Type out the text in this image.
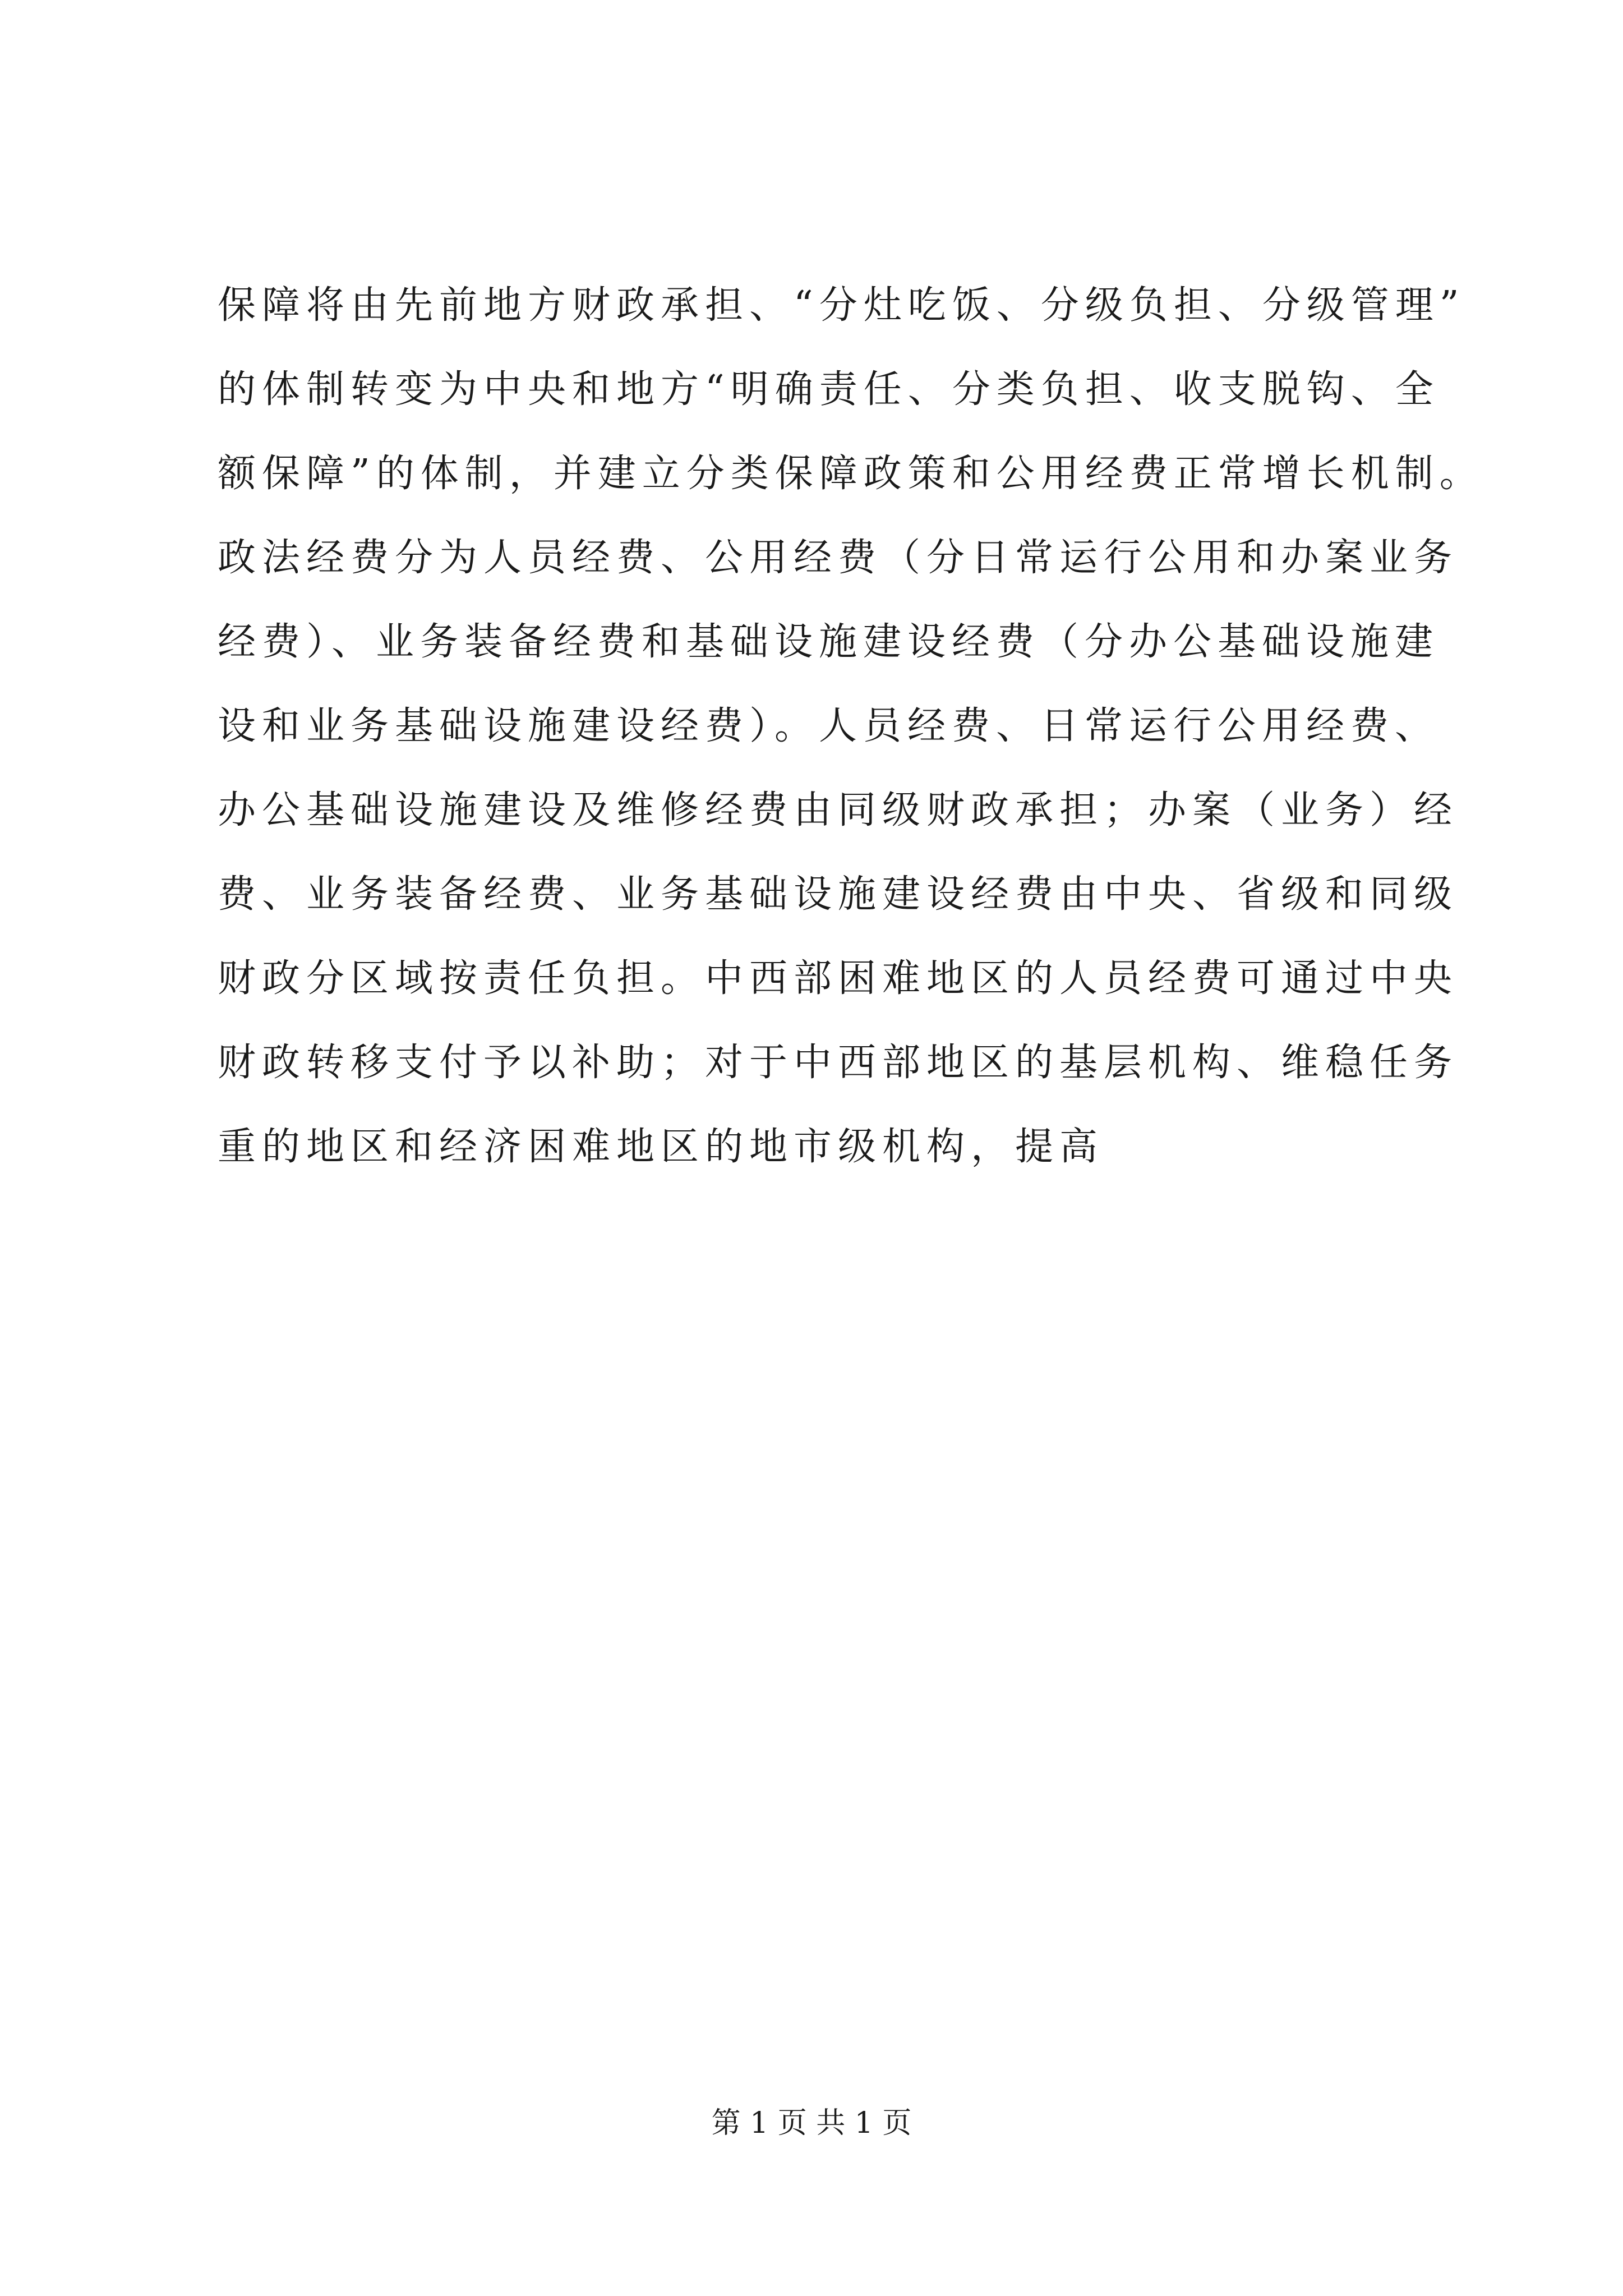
保障将由先前地方财政承担、“分灶吃饭、分级负担、分级管理”
的体制转变为中央和地方“明确责任、分类负担、收支脱钩、全
额保障”的体制，并建立分类保障政策和公用经费正常增长机制。
政法经费分为人员经费、公用经费（分日常运行公用和办案业务
经费）、业务装备经费和基础设施建设经费（分办公基础设施建
设和业务基础设施建设经费）。人员经费、日常运行公用经费、
办公基础设施建设及维修经费由同级财政承担；办案（业务）经
费、业务装备经费、业务基础设施建设经费由中央、省级和同级
财政分区域按责任负担。中西部困难地区的人员经费可通过中央
财政转移支付予以补助；对于中西部地区的基层机构、维稳任务
重的地区和经济困难地区的地市级机构，提高
第 1 页 共 1 页
